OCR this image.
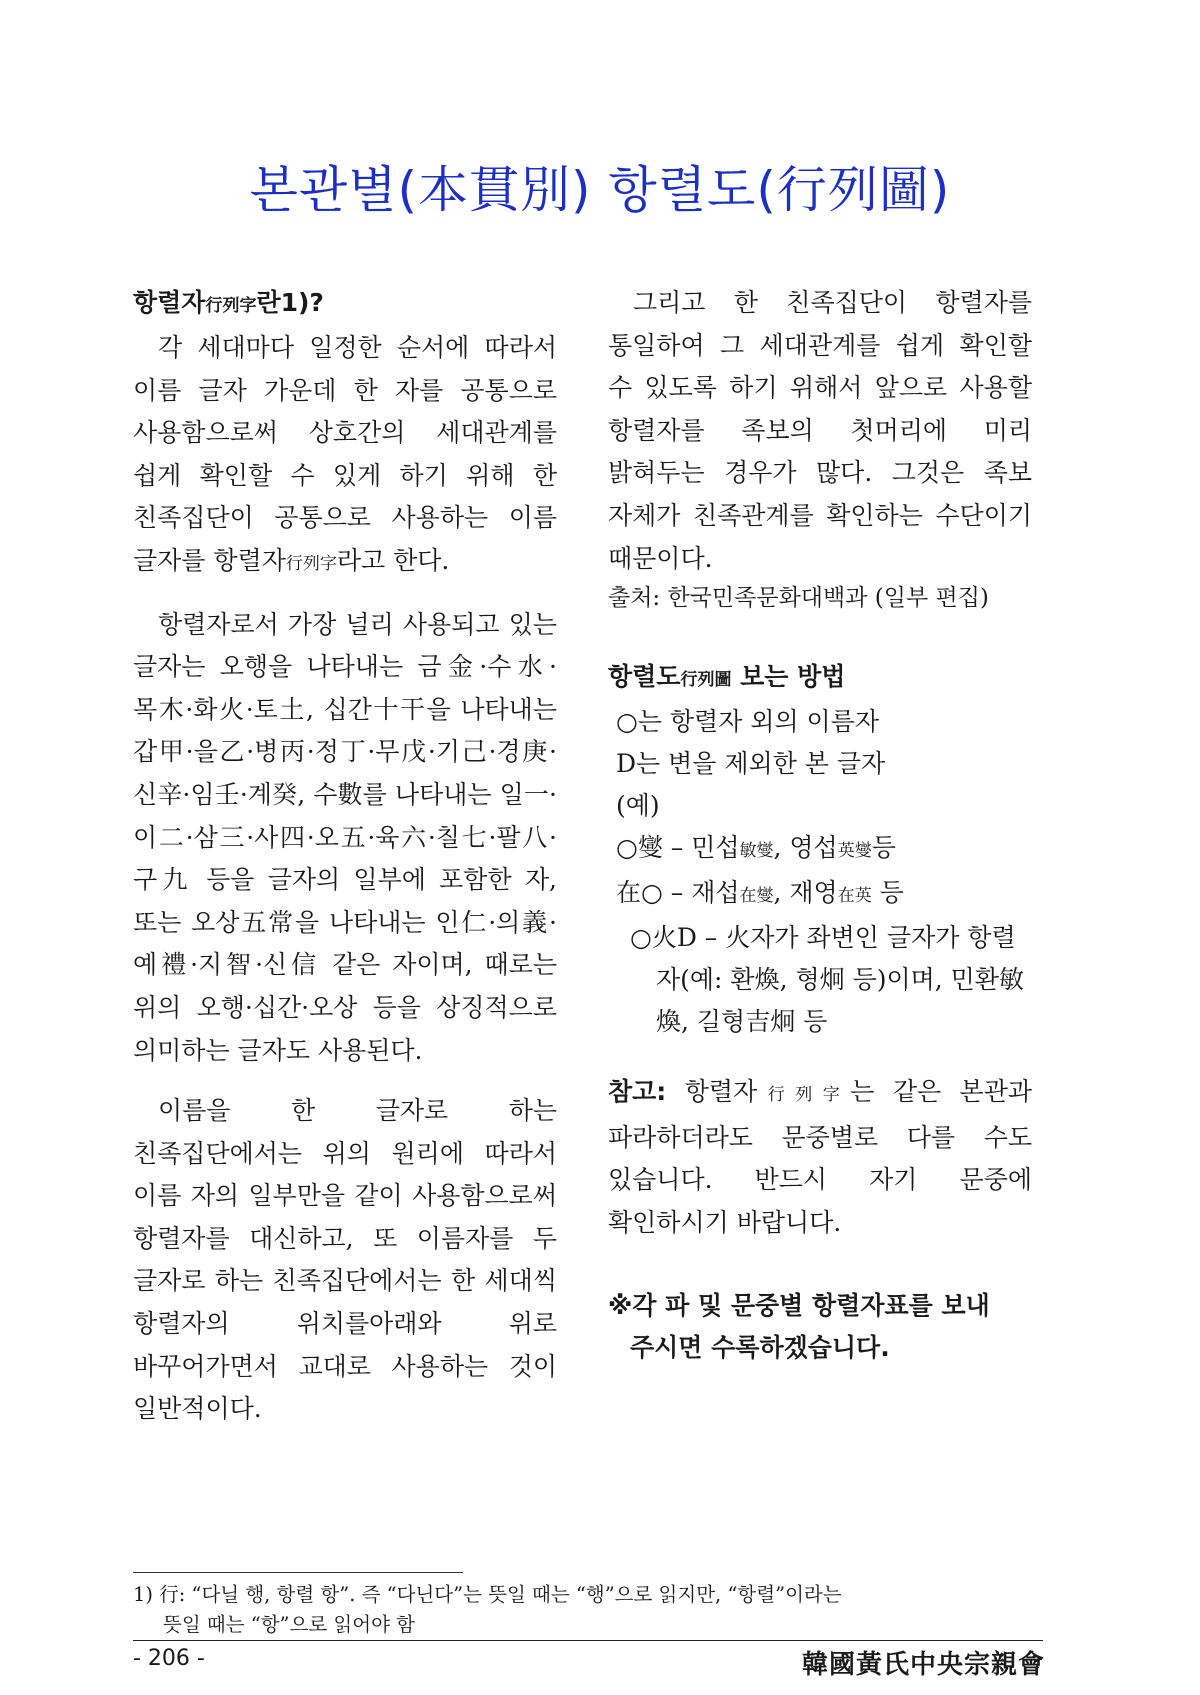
본관별(本貫別) 항렬도(行列圖)

항렬자行列字란1)?

각 세대마다 일정한 순서에 따라서 이름 글자 가운데 한 자를 공통으로 사용함으로써 상호간의 세대관계를 쉽게 확인할 수 있게 하기 위해 한 친족집단이 공통으로 사용하는 이름 글자를 항렬자行列字라고 한다.

항렬자로서 가장 널리 사용되고 있는 글자는 오행을 나타내는 금金·수水·목木·화火·토土, 십간十干을 나타내는 갑甲·을乙·병丙·정丁·무戊·기己·경庚·신辛·임壬·계癸, 수數를 나타내는 일一·이二·삼三·사四·오五·육六·칠七·팔八·구九 등을 글자의 일부에 포함한 자, 또는 오상五常을 나타내는 인仁·의義·예禮·지智·신信 같은 자이며, 때로는 위의 오행·십간·오상 등을 상징적으로 의미하는 글자도 사용된다.

이름을 한 글자로 하는 친족집단에서는 위의 원리에 따라서 이름 자의 일부만을 같이 사용함으로써 항렬자를 대신하고, 또 이름자를 두 글자로 하는 친족집단에서는 한 세대씩 항렬자의 위치를아래와 위로 바꾸어가면서 교대로 사용하는 것이 일반적이다.

그리고 한 친족집단이 항렬자를 통일하여 그 세대관계를 쉽게 확인할 수 있도록 하기 위해서 앞으로 사용할 항렬자를 족보의 첫머리에 미리 밝혀두는 경우가 많다. 그것은 족보 자체가 친족관계를 확인하는 수단이기 때문이다.

출처: 한국민족문화대백과 (일부 편집)

항렬도行列圖 보는 방법

○는 항렬자 외의 이름자

D는 변을 제외한 본 글자

(예)

○燮 – 민섭敏燮, 영섭英燮등

在○ – 재섭在燮, 재영在英 등

○火D – 火자가 좌변인 글자가 항렬자(예: 환煥, 형炯 등)이며, 민환敏煥, 길형吉炯 등

참고: 항렬자行列字는 같은 본관과 파라하더라도 문중별로 다를 수도 있습니다. 반드시 자기 문중에 확인하시기 바랍니다.

※각 파 및 문중별 항렬자표를 보내
주시면 수록하겠습니다.

1) 行: “다닐 행, 항렬 항”. 즉 “다닌다”는 뜻일 때는 “행”으로 읽지만, “항렬”이라는
뜻일 때는 “항”으로 읽어야 함

- 206 -	韓國黃氏中央宗親會
